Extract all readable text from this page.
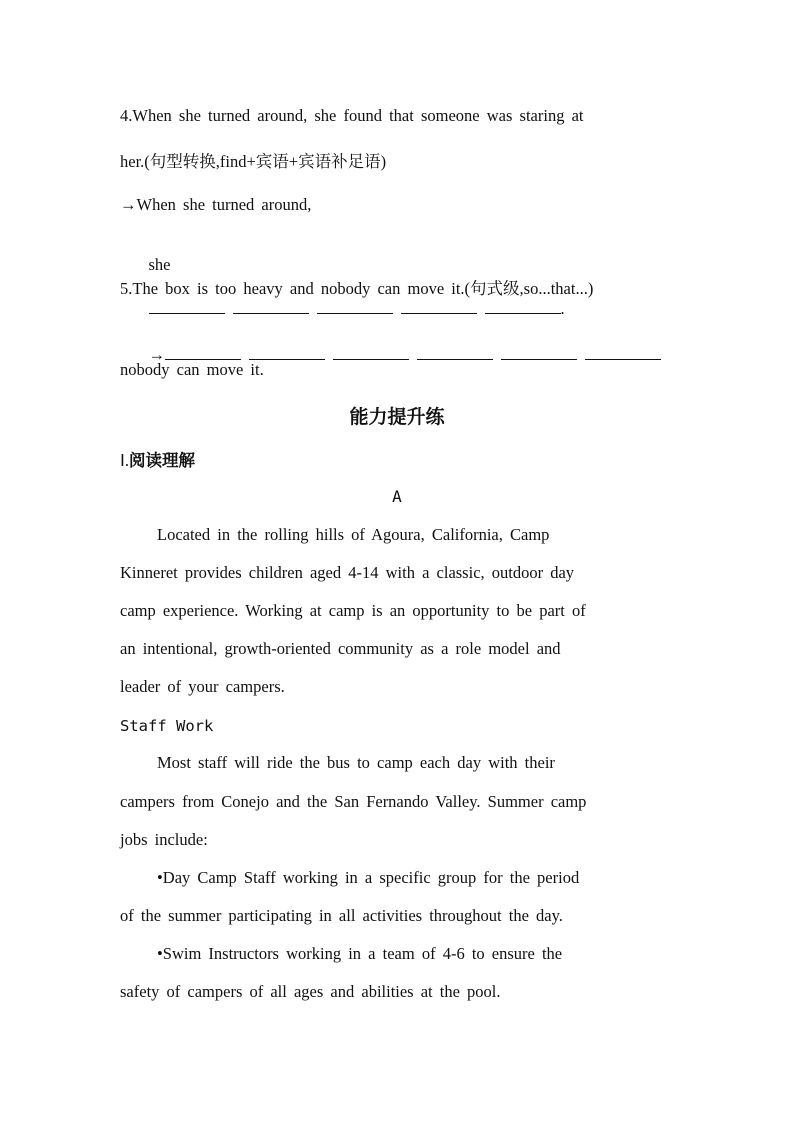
4.When she turned around, she found that someone was staring at
her.(句型转换,find+宾语+宾语补足语)
→When she turned around,

she

.

5.The box is too heavy and nobody can move it.(句式级,so...that...)

→

nobody can move it.
能力提升练
Ⅰ.阅读理解
A
Located in the rolling hills of Agoura, California, Camp
Kinneret provides children aged 4-14 with a classic, outdoor day
camp experience. Working at camp is an opportunity to be part of
an intentional, growth-oriented community as a role model and
leader of your campers.
Staff Work
Most staff will ride the bus to camp each day with their
campers from Conejo and the San Fernando Valley. Summer camp
jobs include:
•Day Camp Staff working in a specific group for the period
of the summer participating in all activities throughout the day.
•Swim Instructors working in a team of 4-6 to ensure the
safety of campers of all ages and abilities at the pool.
